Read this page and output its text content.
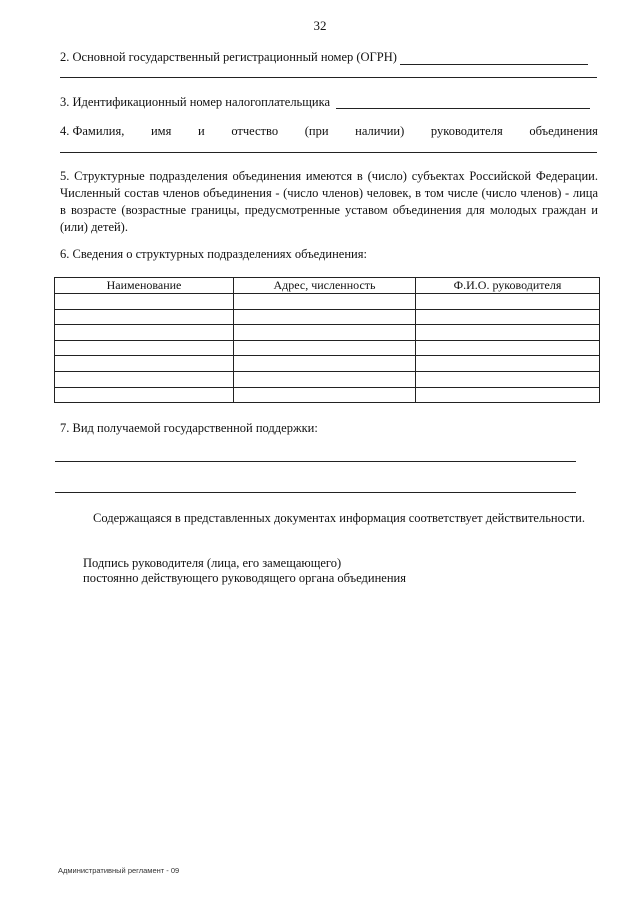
32
2. Основной государственный регистрационный номер (ОГРН)
3. Идентификационный номер налогоплательщика
4. Фамилия, имя и отчество (при наличии) руководителя объединения
5. Структурные подразделения объединения имеются в (число) субъектах Российской Федерации. Численный состав членов объединения - (число членов) человек, в том числе (число членов) - лица в возрасте (возрастные границы, предусмотренные уставом объединения для молодых граждан и (или) детей).
6. Сведения о структурных подразделениях объединения:
Наименование	Адрес, численность	Ф.И.О. руководителя

7. Вид получаемой государственной поддержки:
Содержащаяся в представленных документах информация соответствует действительности.
Подпись руководителя (лица, его замещающего)
постоянно действующего руководящего органа объединения
Административный регламент - 09
